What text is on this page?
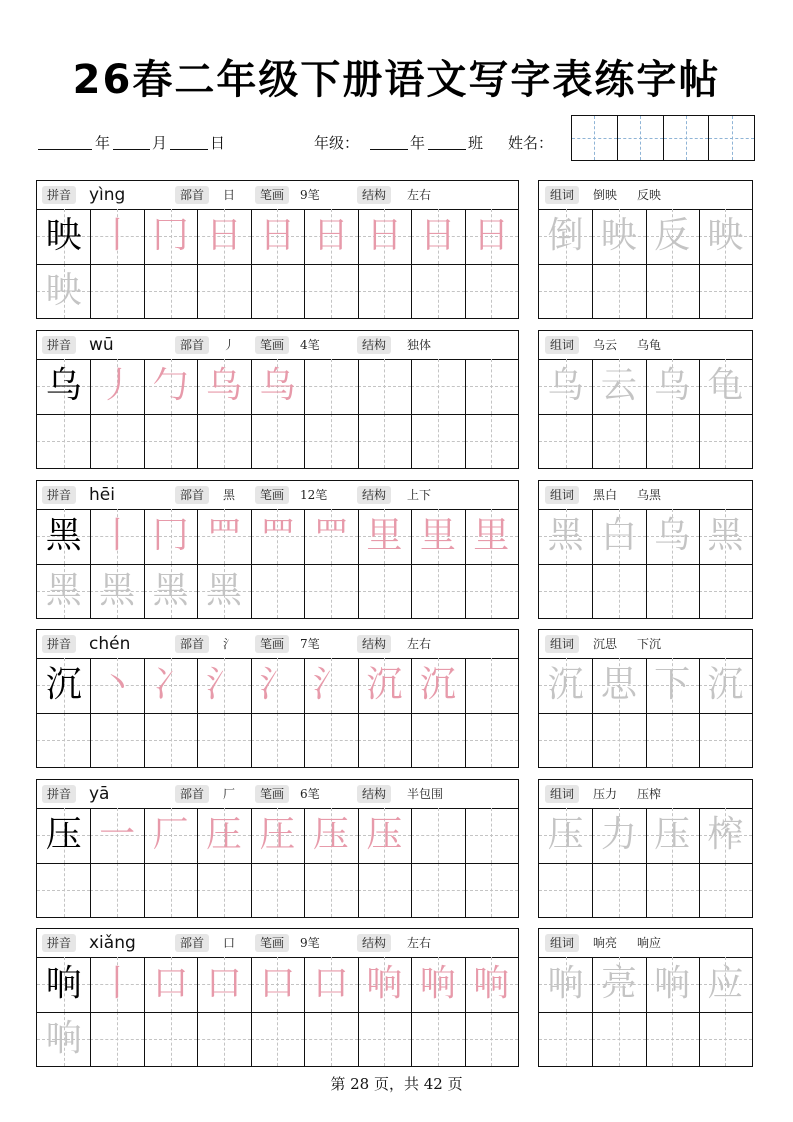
26春二年级下册语文写字表练字帖
年	月	日	年级：	年	班 姓名：
拼音 yìng	部首	日	笔画	9笔	结构	左右
映 丨 冂 日 日 日 日 日 日
映
组词	倒映 反映
倒 映 反 映
拼音 wū	部首	丿	笔画	4笔	结构	独体
乌 丿 勹 乌 乌
组词	乌云 乌龟
乌 云 乌 龟
拼音 hēi	部首	黑	笔画	12笔	结构	上下
黑 丨 冂 罒 罒 罒 里 里 里
黑 黑 黑 黑
组词	黑白 乌黑
黑 白 乌 黑
拼音 chén	部首	氵	笔画	7笔	结构	左右
沉 丶 冫 氵 氵 氵 沉 沉
组词	沉思 下沉
沉 思 下 沉
拼音 yā	部首	厂	笔画	6笔	结构	半包围
压 一 厂 圧 圧 压 压
组词	压力 压榨
压 力 压 榨
拼音 xiǎng	部首	口	笔画	9笔	结构	左右
响 丨 口 口 口 口 响 响 响
响
组词	响亮 响应
响 亮 响 应
第 28 页，共 42 页
